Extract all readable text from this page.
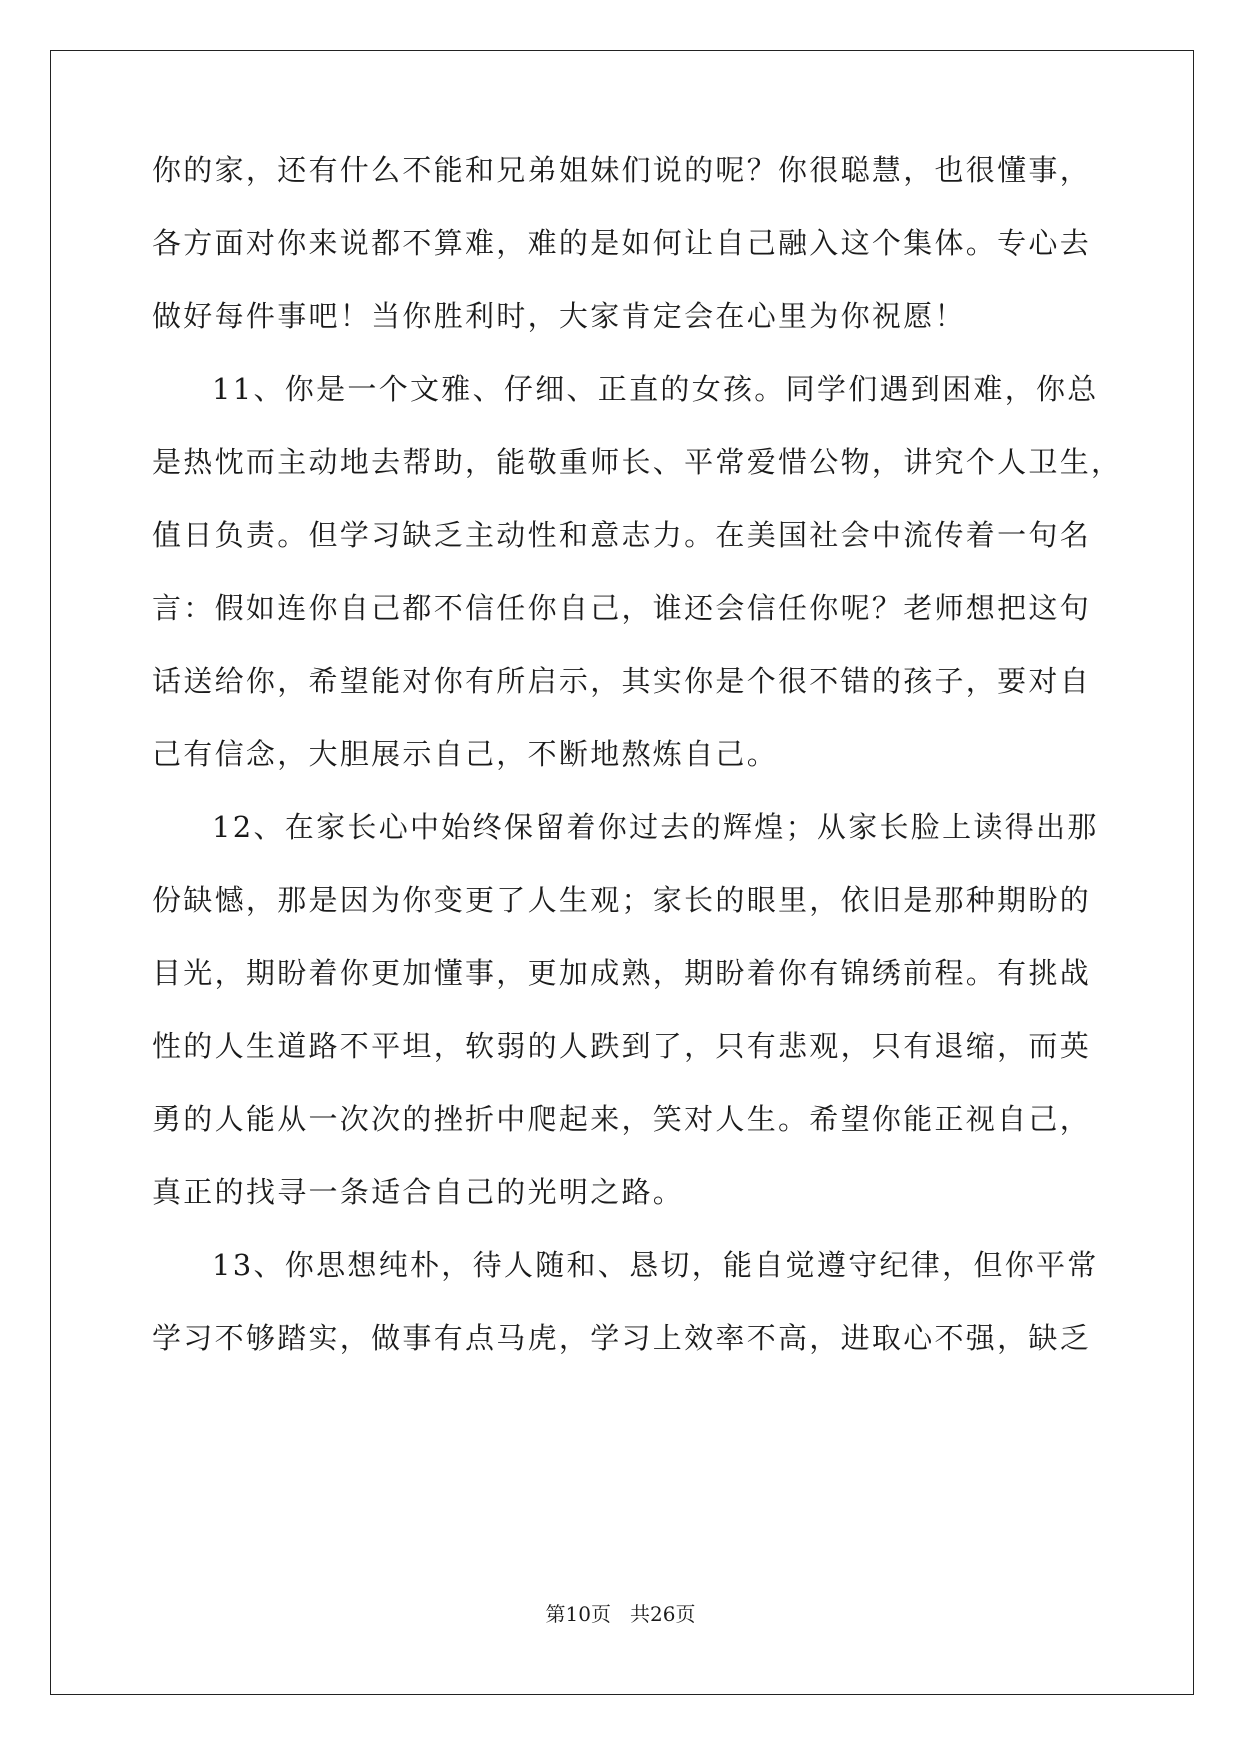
你的家，还有什么不能和兄弟姐妹们说的呢？你很聪慧，也很懂事，
各方面对你来说都不算难，难的是如何让自己融入这个集体。专心去
做好每件事吧！当你胜利时，大家肯定会在心里为你祝愿！
11、你是一个文雅、仔细、正直的女孩。同学们遇到困难，你总
是热忱而主动地去帮助，能敬重师长、平常爱惜公物，讲究个人卫生，
值日负责。但学习缺乏主动性和意志力。在美国社会中流传着一句名
言：假如连你自己都不信任你自己，谁还会信任你呢？老师想把这句
话送给你，希望能对你有所启示，其实你是个很不错的孩子，要对自
己有信念，大胆展示自己，不断地熬炼自己。
12、在家长心中始终保留着你过去的辉煌；从家长脸上读得出那
份缺憾，那是因为你变更了人生观；家长的眼里，依旧是那种期盼的
目光，期盼着你更加懂事，更加成熟，期盼着你有锦绣前程。有挑战
性的人生道路不平坦，软弱的人跌到了，只有悲观，只有退缩，而英
勇的人能从一次次的挫折中爬起来，笑对人生。希望你能正视自己，
真正的找寻一条适合自己的光明之路。
13、你思想纯朴，待人随和、恳切，能自觉遵守纪律，但你平常
学习不够踏实，做事有点马虎，学习上效率不高，进取心不强，缺乏
第10页 共26页
